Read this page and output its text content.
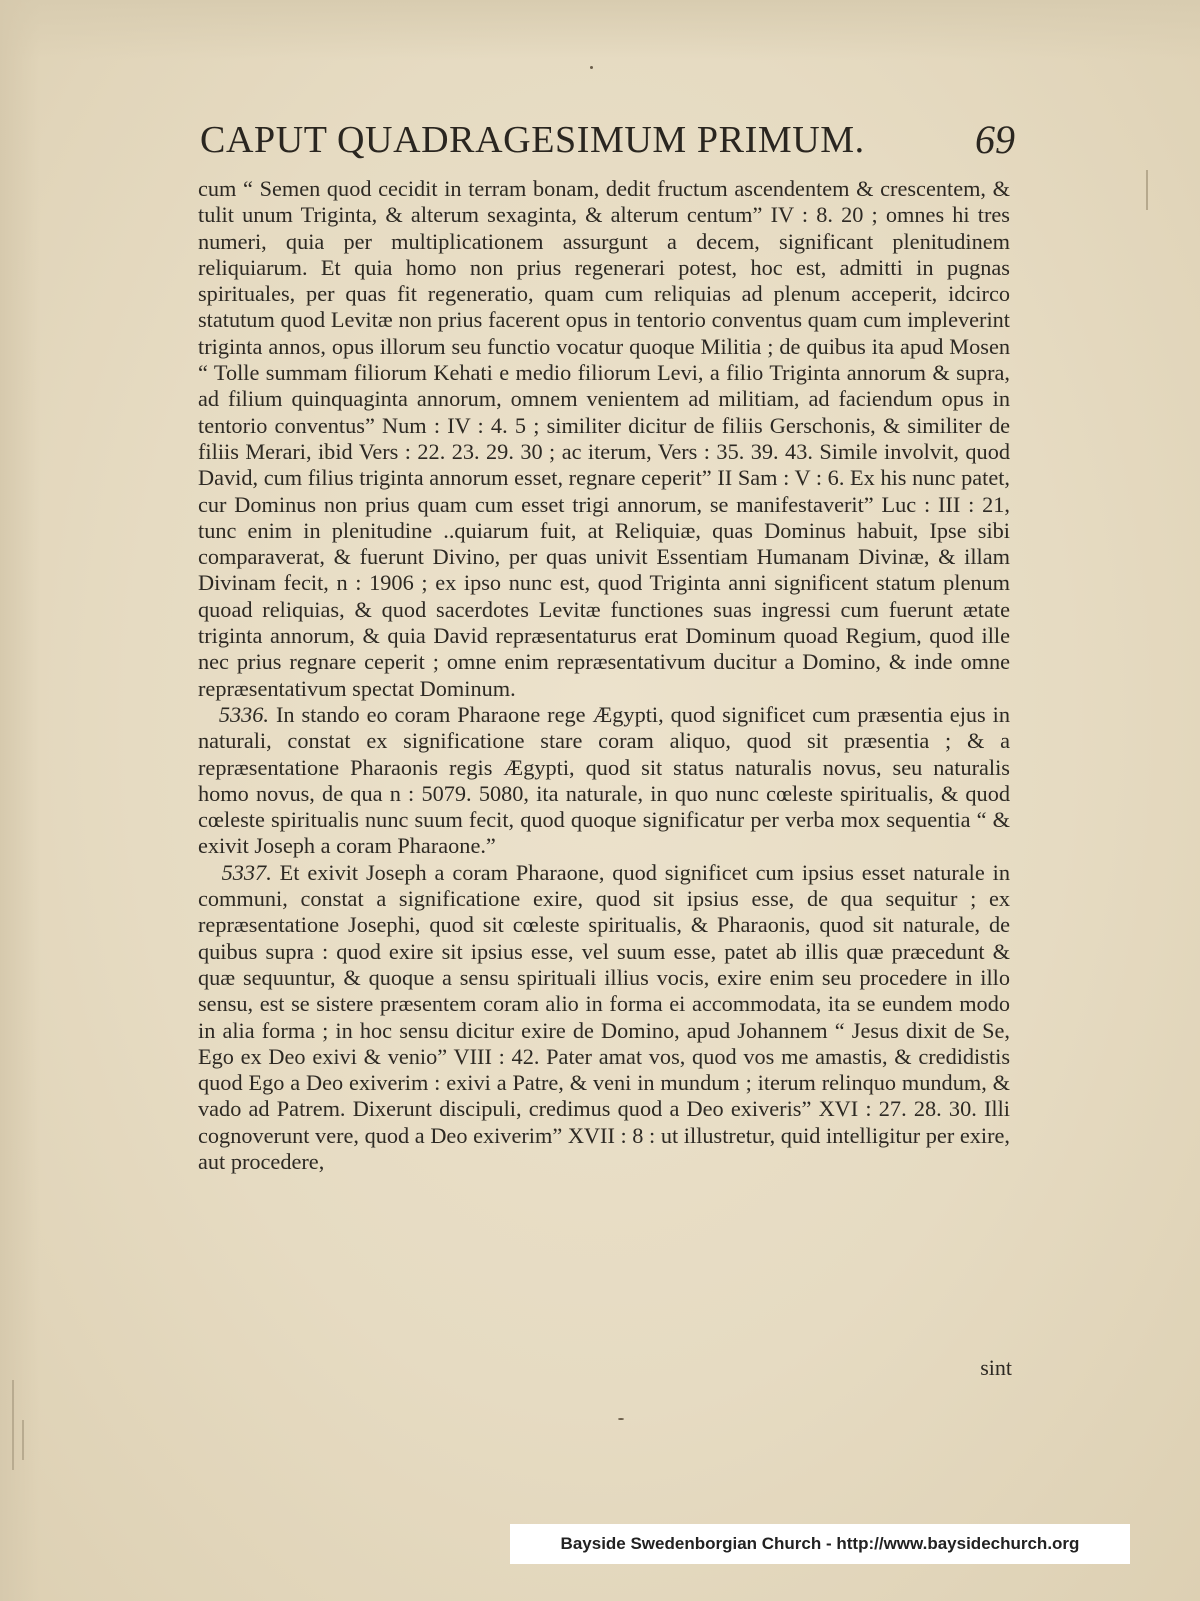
CAPUT QUADRAGESIMUM PRIMUM.	69

cum “ Semen quod cecidit in terram bonam, dedit fructum ascendentem & crescentem, & tulit unum Triginta, & alterum sexaginta, & alterum centum” IV : 8. 20 ; omnes hi tres numeri, quia per multiplicationem assurgunt a decem, significant plenitudinem reliquiarum. Et quia homo non prius regenerari potest, hoc est, admitti in pugnas spirituales, per quas fit regeneratio, quam cum reliquias ad plenum acceperit, idcirco statutum quod Levitæ non prius facerent opus in tentorio conventus quam cum impleverint triginta annos, opus illorum seu functio vocatur quoque Militia ; de quibus ita apud Mosen “ Tolle summam filiorum Kehati e medio filiorum Levi, a filio Triginta annorum & supra, ad filium quinquaginta annorum, omnem venientem ad militiam, ad faciendum opus in tentorio conventus” Num : IV : 4. 5 ; similiter dicitur de filiis Gerschonis, & similiter de filiis Merari, ibid Vers : 22. 23. 29. 30 ; ac iterum, Vers : 35. 39. 43. Simile involvit, quod David, cum filius triginta annorum esset, regnare ceperit” II Sam : V : 6. Ex his nunc patet, cur Dominus non prius quam cum esset trigi annorum, se manifestaverit” Luc : III : 21, tunc enim in plenitudine ..quiarum fuit, at Reliquiæ, quas Dominus habuit, Ipse sibi comparaverat, & fuerunt Divino, per quas univit Essentiam Humanam Divinæ, & illam Divinam fecit, n : 1906 ; ex ipso nunc est, quod Triginta anni significent statum plenum quoad reliquias, & quod sacerdotes Levitæ functiones suas ingressi cum fuerunt ætate triginta annorum, & quia David repræsentaturus erat Dominum quoad Regium, quod ille nec prius regnare ceperit ; omne enim repræsentativum ducitur a Domino, & inde omne repræsentativum spectat Dominum.

5336. In stando eo coram Pharaone rege Ægypti, quod significet cum præsentia ejus in naturali, constat ex significatione stare coram aliquo, quod sit præsentia ; & a repræsentatione Pharaonis regis Ægypti, quod sit status naturalis novus, seu naturalis homo novus, de qua n : 5079. 5080, ita naturale, in quo nunc cœleste spiritualis, & quod cœleste spiritualis nunc suum fecit, quod quoque significatur per verba mox sequentia “ & exivit Joseph a coram Pharaone.”

5337. Et exivit Joseph a coram Pharaone, quod significet cum ipsius esset naturale in communi, constat a significatione exire, quod sit ipsius esse, de qua sequitur ; ex repræsentatione Josephi, quod sit cœleste spiritualis, & Pharaonis, quod sit naturale, de quibus supra : quod exire sit ipsius esse, vel suum esse, patet ab illis quæ præcedunt & quæ sequuntur, & quoque a sensu spirituali illius vocis, exire enim seu procedere in illo sensu, est se sistere præsentem coram alio in forma ei accommodata, ita se eundem modo in alia forma ; in hoc sensu dicitur exire de Domino, apud Johannem “ Jesus dixit de Se, Ego ex Deo exivi & venio” VIII : 42. Pater amat vos, quod vos me amastis, & credidistis quod Ego a Deo exiverim : exivi a Patre, & veni in mundum ; iterum relinquo mundum, & vado ad Patrem. Dixerunt discipuli, credimus quod a Deo exiveris” XVI : 27. 28. 30. Illi cognoverunt vere, quod a Deo exiverim” XVII : 8 : ut illustretur, quid intelligitur per exire, aut procedere,

sint
Bayside Swedenborgian Church - http://www.baysidechurch.org
